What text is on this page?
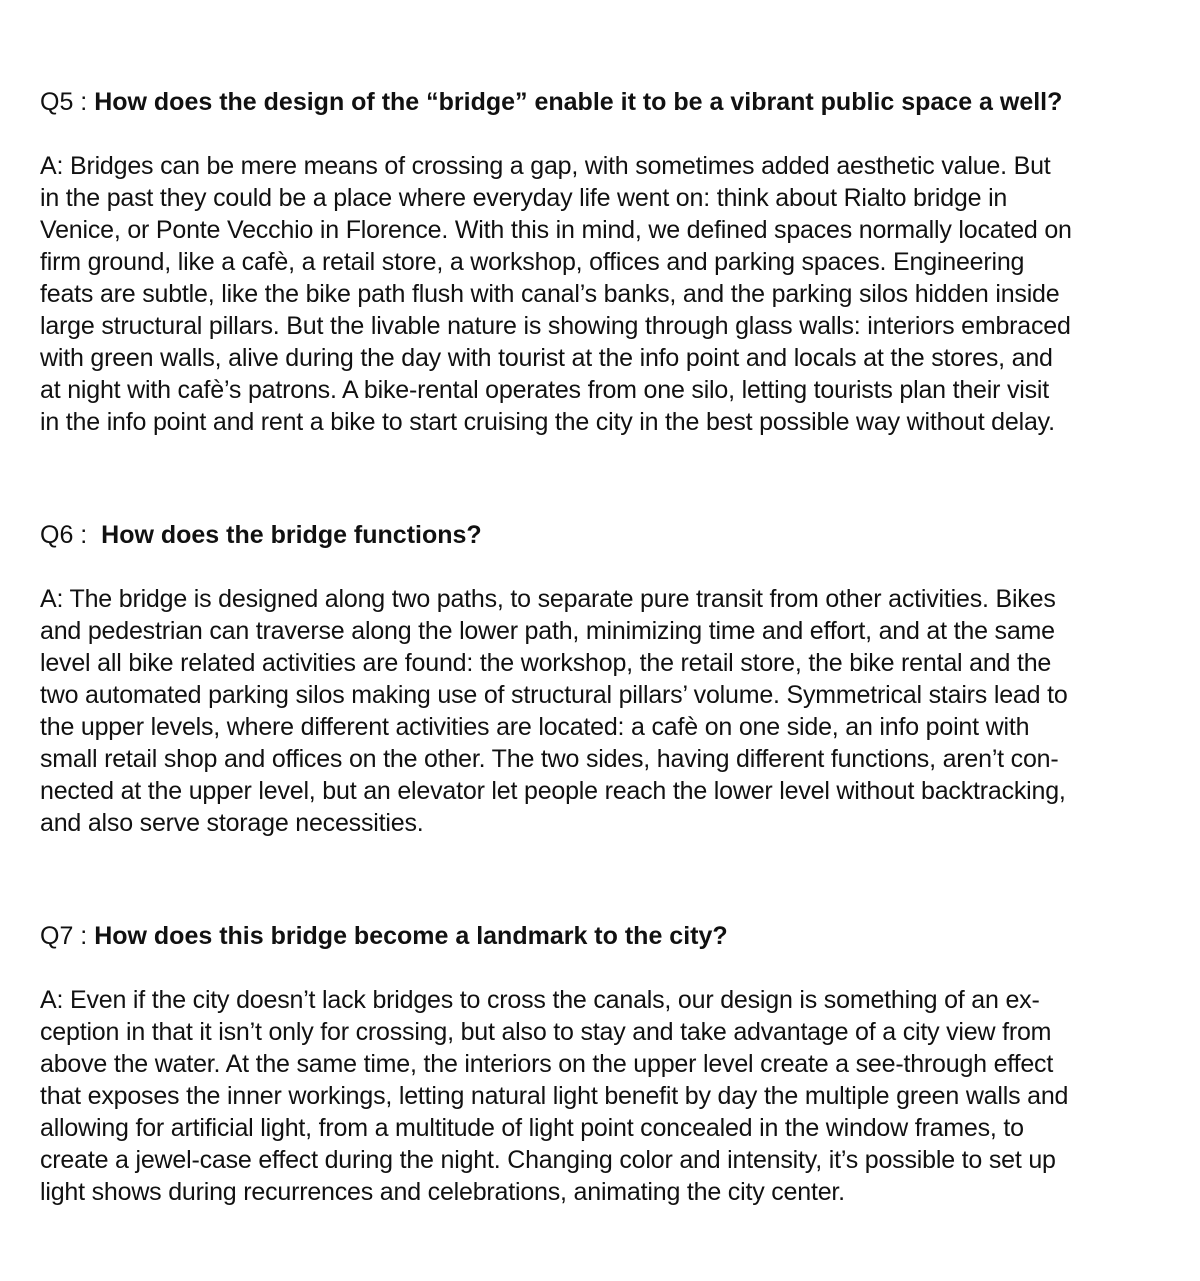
Q5 : How does the design of the “bridge” enable it to be a vibrant public space a well?

A: Bridges can be mere means of crossing a gap, with sometimes added aesthetic value. But
in the past they could be a place where everyday life went on: think about Rialto bridge in
Venice, or Ponte Vecchio in Florence. With this in mind, we defined spaces normally located on
firm ground, like a cafè, a retail store, a workshop, offices and parking spaces. Engineering
feats are subtle, like the bike path flush with canal’s banks, and the parking silos hidden inside
large structural pillars. But the livable nature is showing through glass walls: interiors embraced
with green walls, alive during the day with tourist at the info point and locals at the stores, and
at night with cafè’s patrons. A bike-rental operates from one silo, letting tourists plan their visit
in the info point and rent a bike to start cruising the city in the best possible way without delay.

Q6 :  How does the bridge functions?

A: The bridge is designed along two paths, to separate pure transit from other activities. Bikes
and pedestrian can traverse along the lower path, minimizing time and effort, and at the same
level all bike related activities are found: the workshop, the retail store, the bike rental and the
two automated parking silos making use of structural pillars’ volume. Symmetrical stairs lead to
the upper levels, where different activities are located: a cafè on one side, an info point with
small retail shop and offices on the other. The two sides, having different functions, aren’t con-
nected at the upper level, but an elevator let people reach the lower level without backtracking,
and also serve storage necessities.

Q7 : How does this bridge become a landmark to the city?

A: Even if the city doesn’t lack bridges to cross the canals, our design is something of an ex-
ception in that it isn’t only for crossing, but also to stay and take advantage of a city view from
above the water. At the same time, the interiors on the upper level create a see-through effect
that exposes the inner workings, letting natural light benefit by day the multiple green walls and
allowing for artificial light, from a multitude of light point concealed in the window frames, to
create a jewel-case effect during the night. Changing color and intensity, it’s possible to set up
light shows during recurrences and celebrations, animating the city center.
